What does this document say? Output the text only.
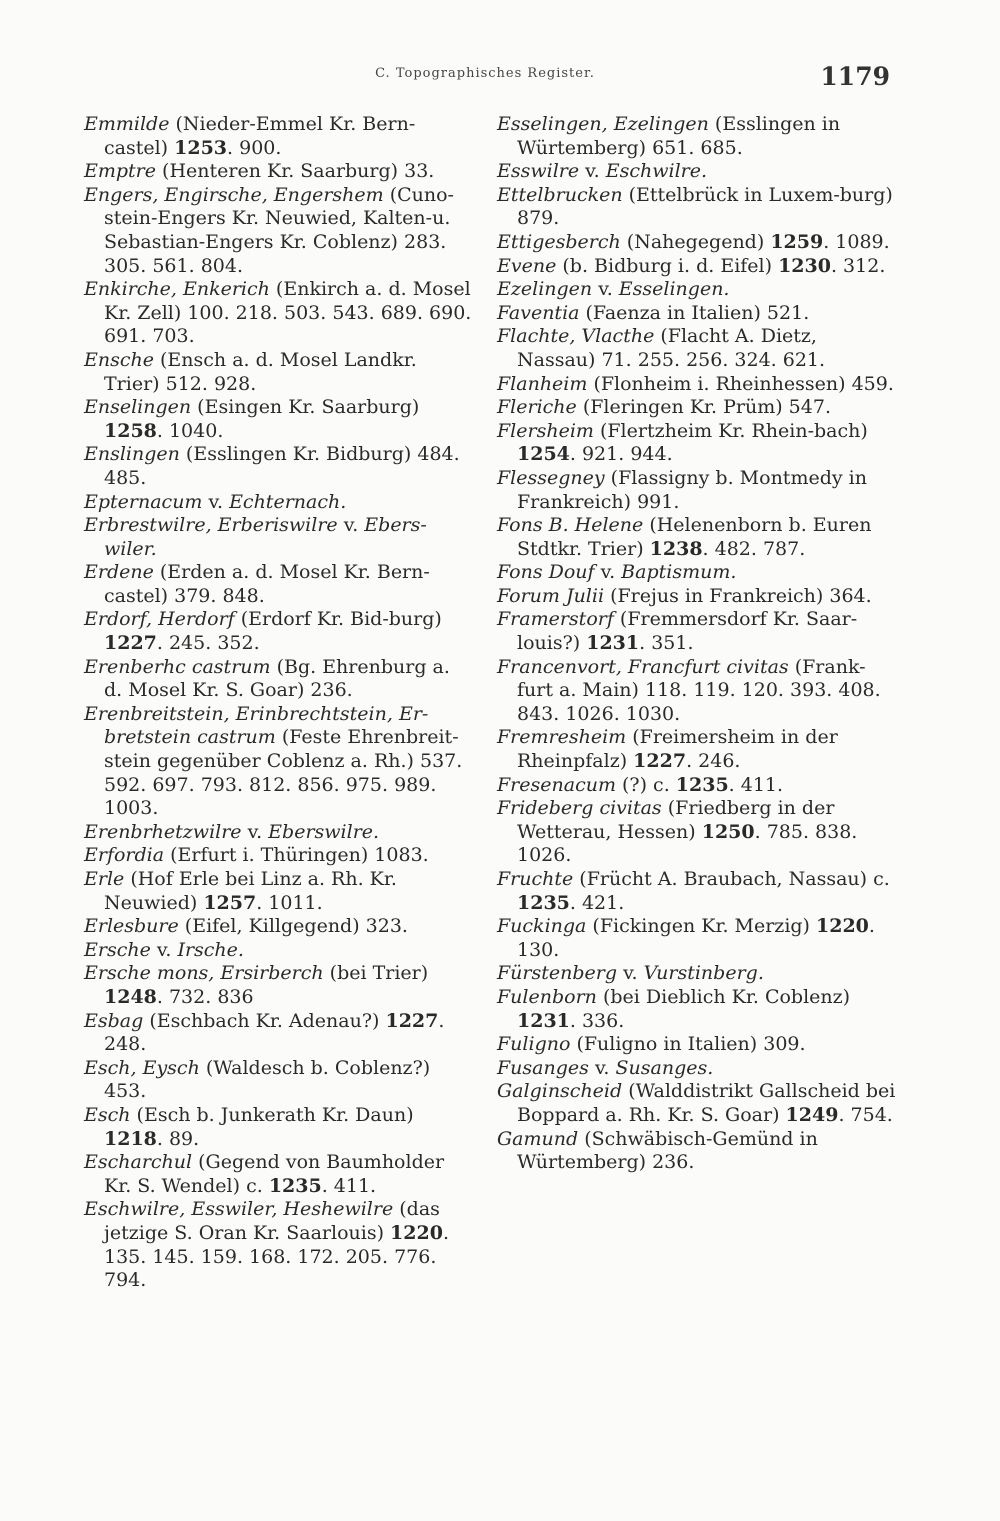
C. Topographisches Register.	1179

Emmilde (Nieder-Emmel Kr. Bern-castel) 1253. 900.

Emptre (Henteren Kr. Saarburg) 33.

Engers, Engirsche, Engershem (Cuno-stein-Engers Kr. Neuwied, Kalten-u. Sebastian-Engers Kr. Coblenz) 283. 305. 561. 804.

Enkirche, Enkerich (Enkirch a. d. Mosel Kr. Zell) 100. 218. 503. 543. 689. 690. 691. 703.

Ensche (Ensch a. d. Mosel Landkr. Trier) 512. 928.

Enselingen (Esingen Kr. Saarburg) 1258. 1040.

Enslingen (Esslingen Kr. Bidburg) 484. 485.

Epternacum v. Echternach.

Erbrestwilre, Erberiswilre v. Ebers-wiler.

Erdene (Erden a. d. Mosel Kr. Bern-castel) 379. 848.

Erdorf, Herdorf (Erdorf Kr. Bid-burg) 1227. 245. 352.

Erenberhc castrum (Bg. Ehrenburg a. d. Mosel Kr. S. Goar) 236.

Erenbreitstein, Erinbrechtstein, Er-bretstein castrum (Feste Ehrenbreit-stein gegenüber Coblenz a. Rh.) 537. 592. 697. 793. 812. 856. 975. 989. 1003.

Erenbrhetzwilre v. Eberswilre.

Erfordia (Erfurt i. Thüringen) 1083.

Erle (Hof Erle bei Linz a. Rh. Kr. Neuwied) 1257. 1011.

Erlesbure (Eifel, Killgegend) 323.

Ersche v. Irsche.

Ersche mons, Ersirberch (bei Trier) 1248. 732. 836

Esbag (Eschbach Kr. Adenau?) 1227. 248.

Esch, Eysch (Waldesch b. Coblenz?) 453.

Esch (Esch b. Junkerath Kr. Daun) 1218. 89.

Escharchul (Gegend von Baumholder Kr. S. Wendel) c. 1235. 411.

Eschwilre, Esswiler, Heshewilre (das jetzige S. Oran Kr. Saarlouis) 1220. 135. 145. 159. 168. 172. 205. 776. 794.

Esselingen, Ezelingen (Esslingen in Würtemberg) 651. 685.

Esswilre v. Eschwilre.

Ettelbrucken (Ettelbrück in Luxem-burg) 879.

Ettigesberch (Nahegegend) 1259. 1089.

Evene (b. Bidburg i. d. Eifel) 1230. 312.

Ezelingen v. Esselingen.

Faventia (Faenza in Italien) 521.

Flachte, Vlacthe (Flacht A. Dietz, Nassau) 71. 255. 256. 324. 621.

Flanheim (Flonheim i. Rheinhessen) 459.

Fleriche (Fleringen Kr. Prüm) 547.

Flersheim (Flertzheim Kr. Rhein-bach) 1254. 921. 944.

Flessegney (Flassigny b. Montmedy in Frankreich) 991.

Fons B. Helene (Helenenborn b. Euren Stdtkr. Trier) 1238. 482. 787.

Fons Douf v. Baptismum.

Forum Julii (Frejus in Frankreich) 364.

Framerstorf (Fremmersdorf Kr. Saar-louis?) 1231. 351.

Francenvort, Francfurt civitas (Frank-furt a. Main) 118. 119. 120. 393. 408. 843. 1026. 1030.

Fremresheim (Freimersheim in der Rheinpfalz) 1227. 246.

Fresenacum (?) c. 1235. 411.

Frideberg civitas (Friedberg in der Wetterau, Hessen) 1250. 785. 838. 1026.

Fruchte (Frücht A. Braubach, Nassau) c. 1235. 421.

Fuckinga (Fickingen Kr. Merzig) 1220. 130.

Fürstenberg v. Vurstinberg.

Fulenborn (bei Dieblich Kr. Coblenz) 1231. 336.

Fuligno (Fuligno in Italien) 309.

Fusanges v. Susanges.

Galginscheid (Walddistrikt Gallscheid bei Boppard a. Rh. Kr. S. Goar) 1249. 754.

Gamund (Schwäbisch-Gemünd in Würtemberg) 236.
